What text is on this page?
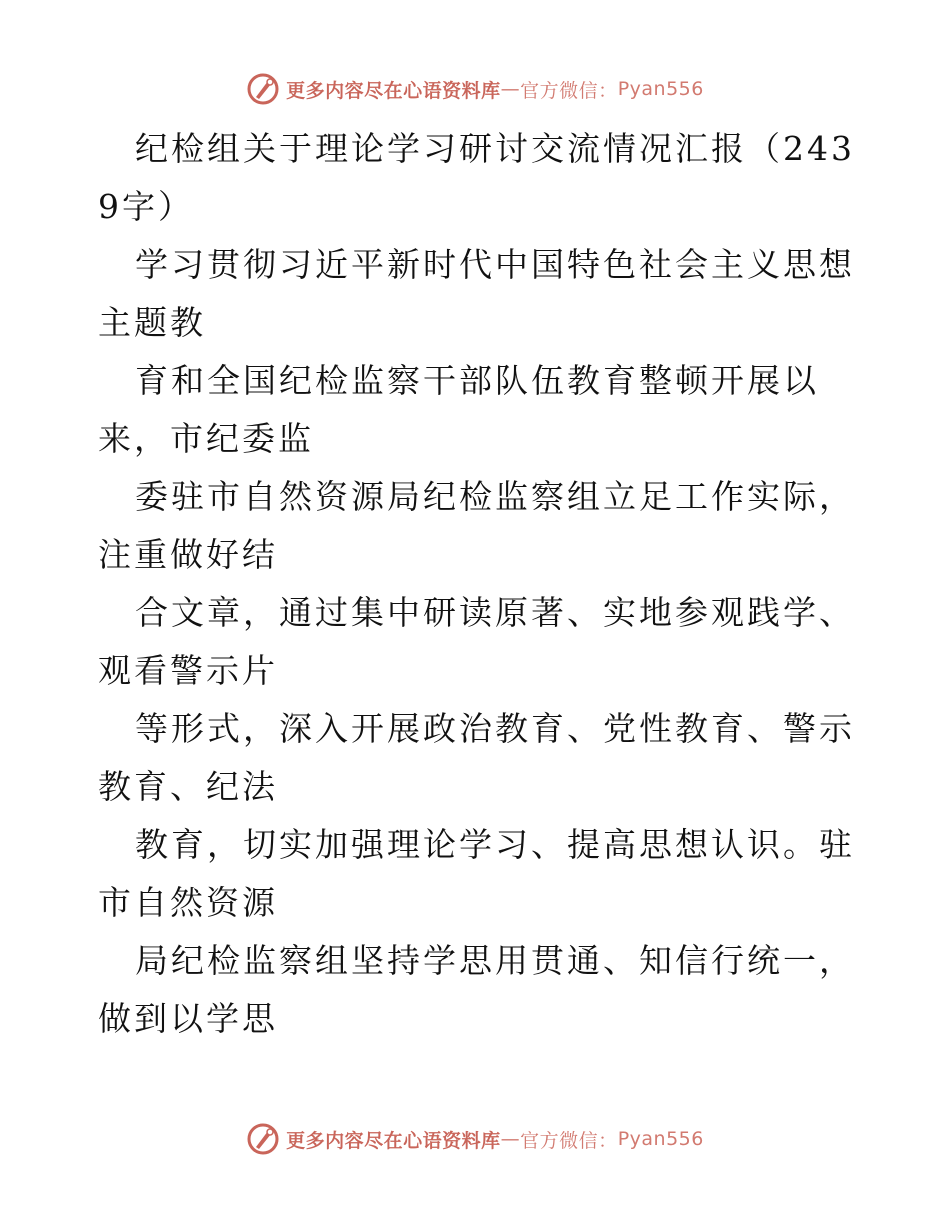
更多内容尽在心语资料库 — 官方微信： Pyan556

纪检组关于理论学习研讨交流情况汇报（2439字）

学习贯彻习近平新时代中国特色社会主义思想主题教

育和全国纪检监察干部队伍教育整顿开展以来，市纪委监

委驻市自然资源局纪检监察组立足工作实际，注重做好结

合文章，通过集中研读原著、实地参观践学、观看警示片

等形式，深入开展政治教育、党性教育、警示教育、纪法

教育，切实加强理论学习、提高思想认识。驻市自然资源

局纪检监察组坚持学思用贯通、知信行统一，做到以学思

更多内容尽在心语资料库 — 官方微信： Pyan556
